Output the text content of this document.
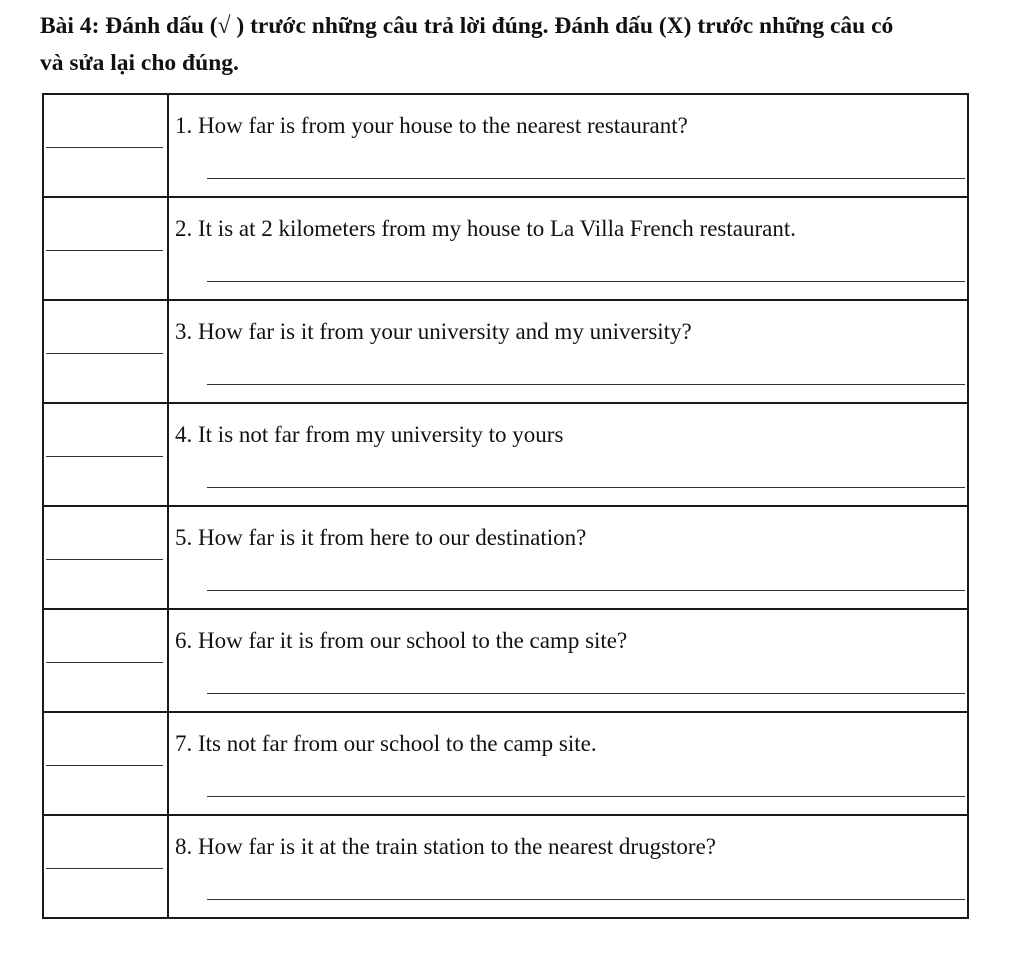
Bài 4: Đánh dấu (√ ) trước những câu trả lời đúng. Đánh dấu (X) trước những câu có
và sửa lại cho đúng.
1. How far is from your house to the nearest restaurant?
2. It is at 2 kilometers from my house to La Villa French restaurant.
3. How far is it from your university and my university?
4. It is not far from my university to yours
5. How far is it from here to our destination?
6. How far it is from our school to the camp site?
7. Its not far from our school to the camp site.
8. How far is it at the train station to the nearest drugstore?
